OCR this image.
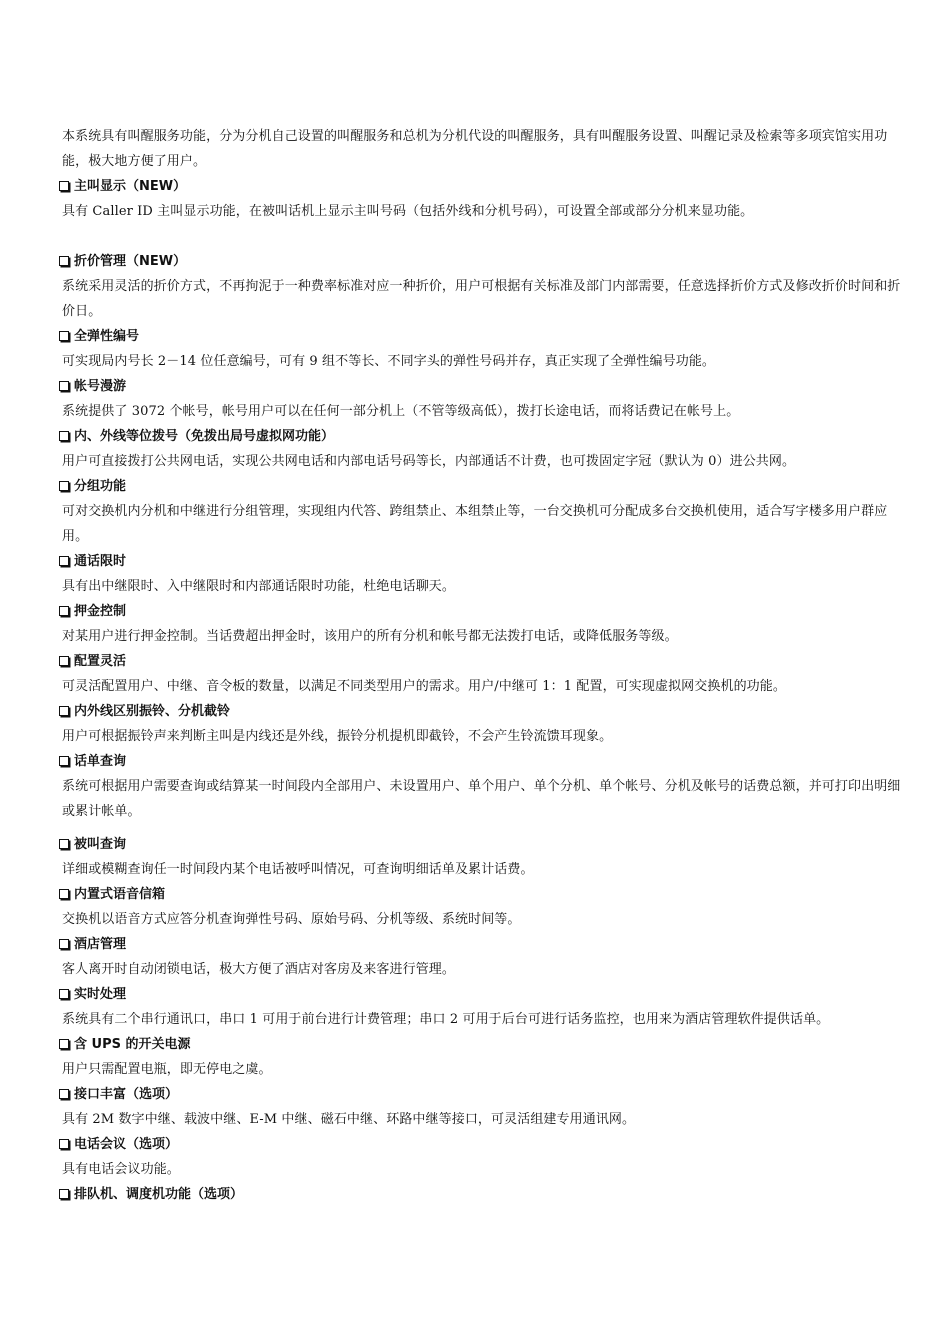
本系统具有叫醒服务功能，分为分机自己设置的叫醒服务和总机为分机代设的叫醒服务，具有叫醒服务设置、叫醒记录及检索等多项宾馆实用功能，极大地方便了用户。

主叫显示（NEW）

具有 Caller ID 主叫显示功能，在被叫话机上显示主叫号码（包括外线和分机号码），可设置全部或部分分机来显功能。

折价管理（NEW）

系统采用灵活的折价方式，不再拘泥于一种费率标准对应一种折价，用户可根据有关标准及部门内部需要，任意选择折价方式及修改折价时间和折价日。

全弹性编号

可实现局内号长 2－14 位任意编号，可有 9 组不等长、不同字头的弹性号码并存，真正实现了全弹性编号功能。

帐号漫游

系统提供了 3072 个帐号，帐号用户可以在任何一部分机上（不管等级高低），拨打长途电话，而将话费记在帐号上。

内、外线等位拨号（免拨出局号虚拟网功能）

用户可直接拨打公共网电话，实现公共网电话和内部电话号码等长，内部通话不计费，也可拨固定字冠（默认为 0）进公共网。

分组功能

可对交换机内分机和中继进行分组管理，实现组内代答、跨组禁止、本组禁止等，一台交换机可分配成多台交换机使用，适合写字楼多用户群应用。

通话限时

具有出中继限时、入中继限时和内部通话限时功能，杜绝电话聊天。

押金控制

对某用户进行押金控制。当话费超出押金时，该用户的所有分机和帐号都无法拨打电话，或降低服务等级。

配置灵活

可灵活配置用户、中继、音令板的数量，以满足不同类型用户的需求。用户/中继可 1：1 配置，可实现虚拟网交换机的功能。

内外线区别振铃、分机截铃

用户可根据振铃声来判断主叫是内线还是外线，振铃分机提机即截铃，不会产生铃流馈耳现象。

话单查询

系统可根据用户需要查询或结算某一时间段内全部用户、未设置用户、单个用户、单个分机、单个帐号、分机及帐号的话费总额，并可打印出明细或累计帐单。

被叫查询

详细或模糊查询任一时间段内某个电话被呼叫情况，可查询明细话单及累计话费。

内置式语音信箱

交换机以语音方式应答分机查询弹性号码、原始号码、分机等级、系统时间等。

酒店管理

客人离开时自动闭锁电话，极大方便了酒店对客房及来客进行管理。

实时处理

系统具有二个串行通讯口，串口 1 可用于前台进行计费管理；串口 2 可用于后台可进行话务监控，也用来为酒店管理软件提供话单。

含 UPS 的开关电源

用户只需配置电瓶，即无停电之虞。

接口丰富（选项）

具有 2M 数字中继、载波中继、E-M 中继、磁石中继、环路中继等接口，可灵活组建专用通讯网。

电话会议（选项）

具有电话会议功能。

排队机、调度机功能（选项）
